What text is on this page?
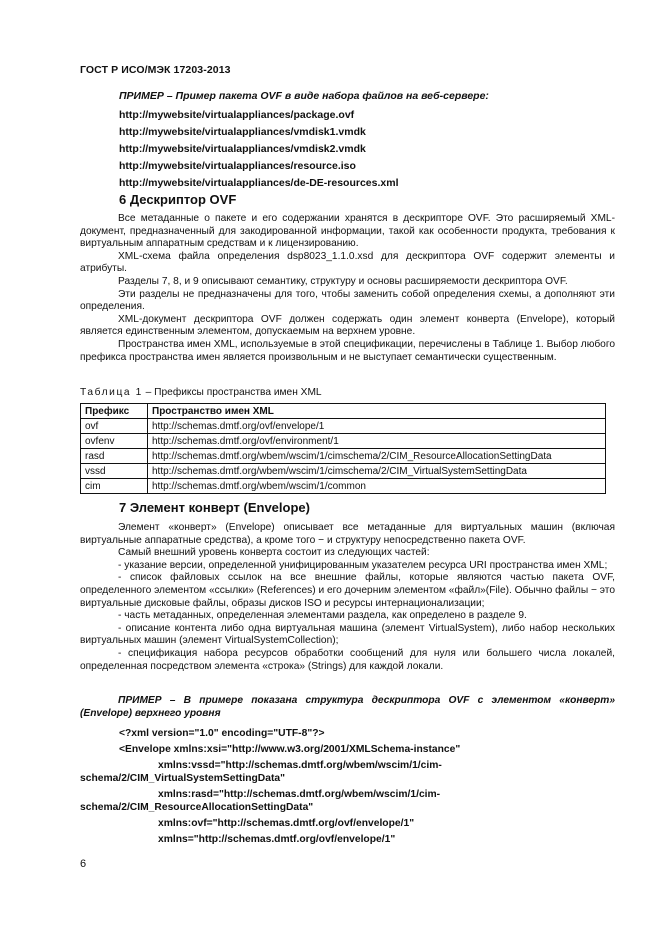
ГОСТ Р ИСО/МЭК 17203-2013
ПРИМЕР – Пример пакета OVF в виде набора файлов на веб-сервере:
http://mywebsite/virtualappliances/package.ovf
http://mywebsite/virtualappliances/vmdisk1.vmdk
http://mywebsite/virtualappliances/vmdisk2.vmdk
http://mywebsite/virtualappliances/resource.iso
http://mywebsite/virtualappliances/de-DE-resources.xml
6 Дескриптор OVF

Все метаданные о пакете и его содержании хранятся в дескрипторе OVF. Это расширяемый XML-документ, предназначенный для закодированной информации, такой как особенности продукта, требования к виртуальным аппаратным средствам и к лицензированию.

XML-схема файла определения dsp8023_1.1.0.xsd для дескриптора OVF содержит элементы и атрибуты.

Разделы 7, 8, и 9 описывают семантику, структуру и основы расширяемости дескриптора OVF.

Эти разделы не предназначены для того, чтобы заменить собой определения схемы, а дополняют эти определения.

XML-документ дескриптора OVF должен содержать один элемент конверта (Envelope), который является единственным элементом, допускаемым на верхнем уровне.

Пространства имен XML, используемые в этой спецификации, перечислены в Таблице 1. Выбор любого префикса пространства имен является произвольным и не выступает семантически существенным.

Таблица 1 – Префиксы пространства имен XML
Префикс	Пространство имен XML
ovf	http://schemas.dmtf.org/ovf/envelope/1
ovfenv	http://schemas.dmtf.org/ovf/environment/1
rasd	http://schemas.dmtf.org/wbem/wscim/1/cimschema/2/CIM_ResourceAllocationSettingData
vssd	http://schemas.dmtf.org/wbem/wscim/1/cimschema/2/CIM_VirtualSystemSettingData
cim	http://schemas.dmtf.org/wbem/wscim/1/common
7 Элемент конверт (Envelope)

Элемент «конверт» (Envelope) описывает все метаданные для виртуальных машин (включая виртуальные аппаратные средства), а кроме того − и структуру непосредственно пакета OVF.

Самый внешний уровень конверта состоит из следующих частей:

- указание версии, определенной унифицированным указателем ресурса URI пространства имен XML;

- список файловых ссылок на все внешние файлы, которые являются частью пакета OVF, определенного элементом «ссылки» (References) и его дочерним элементом «файл»(File). Обычно файлы − это виртуальные дисковые файлы, образы дисков ISO и ресурсы интернационализации;

- часть метаданных, определенная элементами раздела, как определено в разделе 9.

- описание контента либо одна виртуальная машина (элемент VirtualSystem), либо набор нескольких виртуальных машин (элемент VirtualSystemCollection);

- спецификация набора ресурсов обработки сообщений для нуля или большего числа локалей, определенная посредством элемента «строка» (Strings) для каждой локали.

ПРИМЕР – В примере показана структура дескриптора OVF с элементом «конверт» (Envelope) верхнего уровня
<?xml version="1.0" encoding="UTF-8"?>
<Envelope xmlns:xsi="http://www.w3.org/2001/XMLSchema-instance"
xmlns:vssd="http://schemas.dmtf.org/wbem/wscim/1/cim-
schema/2/CIM_VirtualSystemSettingData"
xmlns:rasd="http://schemas.dmtf.org/wbem/wscim/1/cim-
schema/2/CIM_ResourceAllocationSettingData"
xmlns:ovf="http://schemas.dmtf.org/ovf/envelope/1"
xmlns="http://schemas.dmtf.org/ovf/envelope/1"
6
